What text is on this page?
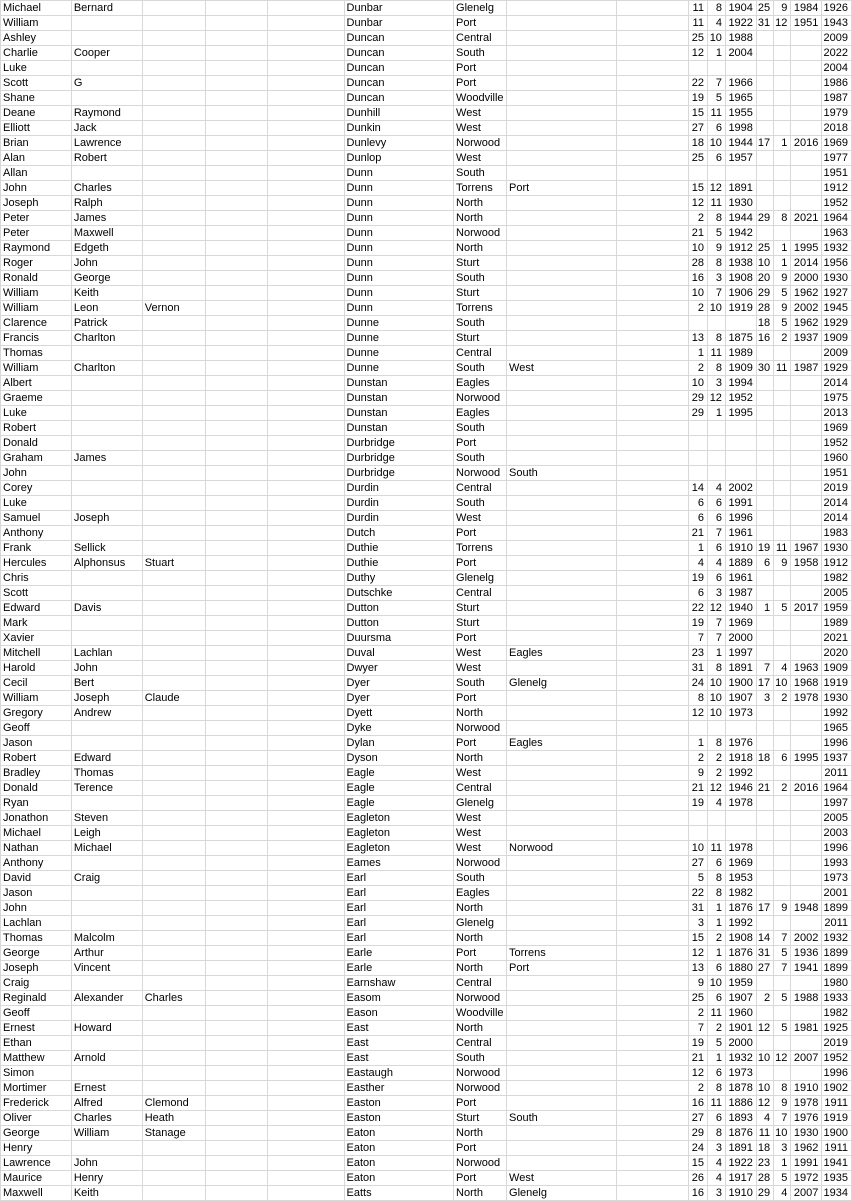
Michael	Bernard				Dunbar	Glenelg			11	8	1904	25	9	1984	1926
William					Dunbar	Port			11	4	1922	31	12	1951	1943
Ashley					Duncan	Central			25	10	1988				2009
Charlie	Cooper				Duncan	South			12	1	2004				2022
Luke					Duncan	Port									2004
Scott	G				Duncan	Port			22	7	1966				1986
Shane					Duncan	Woodville			19	5	1965				1987
Deane	Raymond				Dunhill	West			15	11	1955				1979
Elliott	Jack				Dunkin	West			27	6	1998				2018
Brian	Lawrence				Dunlevy	Norwood			18	10	1944	17	1	2016	1969
Alan	Robert				Dunlop	West			25	6	1957				1977
Allan					Dunn	South									1951
John	Charles				Dunn	Torrens	Port		15	12	1891				1912
Joseph	Ralph				Dunn	North			12	11	1930				1952
Peter	James				Dunn	North			2	8	1944	29	8	2021	1964
Peter	Maxwell				Dunn	Norwood			21	5	1942				1963
Raymond	Edgeth				Dunn	North			10	9	1912	25	1	1995	1932
Roger	John				Dunn	Sturt			28	8	1938	10	1	2014	1956
Ronald	George				Dunn	South			16	3	1908	20	9	2000	1930
William	Keith				Dunn	Sturt			10	7	1906	29	5	1962	1927
William	Leon	Vernon			Dunn	Torrens			2	10	1919	28	9	2002	1945
Clarence	Patrick				Dunne	South						18	5	1962	1929
Francis	Charlton				Dunne	Sturt			13	8	1875	16	2	1937	1909
Thomas					Dunne	Central			1	11	1989				2009
William	Charlton				Dunne	South	West		2	8	1909	30	11	1987	1929
Albert					Dunstan	Eagles			10	3	1994				2014
Graeme					Dunstan	Norwood			29	12	1952				1975
Luke					Dunstan	Eagles			29	1	1995				2013
Robert					Dunstan	South									1969
Donald					Durbridge	Port									1952
Graham	James				Durbridge	South									1960
John					Durbridge	Norwood	South								1951
Corey					Durdin	Central			14	4	2002				2019
Luke					Durdin	South			6	6	1991				2014
Samuel	Joseph				Durdin	West			6	6	1996				2014
Anthony					Dutch	Port			21	7	1961				1983
Frank	Sellick				Duthie	Torrens			1	6	1910	19	11	1967	1930
Hercules	Alphonsus	Stuart			Duthie	Port			4	4	1889	6	9	1958	1912
Chris					Duthy	Glenelg			19	6	1961				1982
Scott					Dutschke	Central			6	3	1987				2005
Edward	Davis				Dutton	Sturt			22	12	1940	1	5	2017	1959
Mark					Dutton	Sturt			19	7	1969				1989
Xavier					Duursma	Port			7	7	2000				2021
Mitchell	Lachlan				Duval	West	Eagles		23	1	1997				2020
Harold	John				Dwyer	West			31	8	1891	7	4	1963	1909
Cecil	Bert				Dyer	South	Glenelg		24	10	1900	17	10	1968	1919
William	Joseph	Claude			Dyer	Port			8	10	1907	3	2	1978	1930
Gregory	Andrew				Dyett	North			12	10	1973				1992
Geoff					Dyke	Norwood									1965
Jason					Dylan	Port	Eagles		1	8	1976				1996
Robert	Edward				Dyson	North			2	2	1918	18	6	1995	1937
Bradley	Thomas				Eagle	West			9	2	1992				2011
Donald	Terence				Eagle	Central			21	12	1946	21	2	2016	1964
Ryan					Eagle	Glenelg			19	4	1978				1997
Jonathon	Steven				Eagleton	West									2005
Michael	Leigh				Eagleton	West									2003
Nathan	Michael				Eagleton	West	Norwood		10	11	1978				1996
Anthony					Eames	Norwood			27	6	1969				1993
David	Craig				Earl	South			5	8	1953				1973
Jason					Earl	Eagles			22	8	1982				2001
John					Earl	North			31	1	1876	17	9	1948	1899
Lachlan					Earl	Glenelg			3	1	1992				2011
Thomas	Malcolm				Earl	North			15	2	1908	14	7	2002	1932
George	Arthur				Earle	Port	Torrens		12	1	1876	31	5	1936	1899
Joseph	Vincent				Earle	North	Port		13	6	1880	27	7	1941	1899
Craig					Earnshaw	Central			9	10	1959				1980
Reginald	Alexander	Charles			Easom	Norwood			25	6	1907	2	5	1988	1933
Geoff					Eason	Woodville			2	11	1960				1982
Ernest	Howard				East	North			7	2	1901	12	5	1981	1925
Ethan					East	Central			19	5	2000				2019
Matthew	Arnold				East	South			21	1	1932	10	12	2007	1952
Simon					Eastaugh	Norwood			12	6	1973				1996
Mortimer	Ernest				Easther	Norwood			2	8	1878	10	8	1910	1902
Frederick	Alfred	Clemond			Easton	Port			16	11	1886	12	9	1978	1911
Oliver	Charles	Heath			Easton	Sturt	South		27	6	1893	4	7	1976	1919
George	William	Stanage			Eaton	North			29	8	1876	11	10	1930	1900
Henry					Eaton	Port			24	3	1891	18	3	1962	1911
Lawrence	John				Eaton	Norwood			15	4	1922	23	1	1991	1941
Maurice	Henry				Eaton	Port	West		26	4	1917	28	5	1972	1935
Maxwell	Keith				Eatts	North	Glenelg		16	3	1910	29	4	2007	1934
